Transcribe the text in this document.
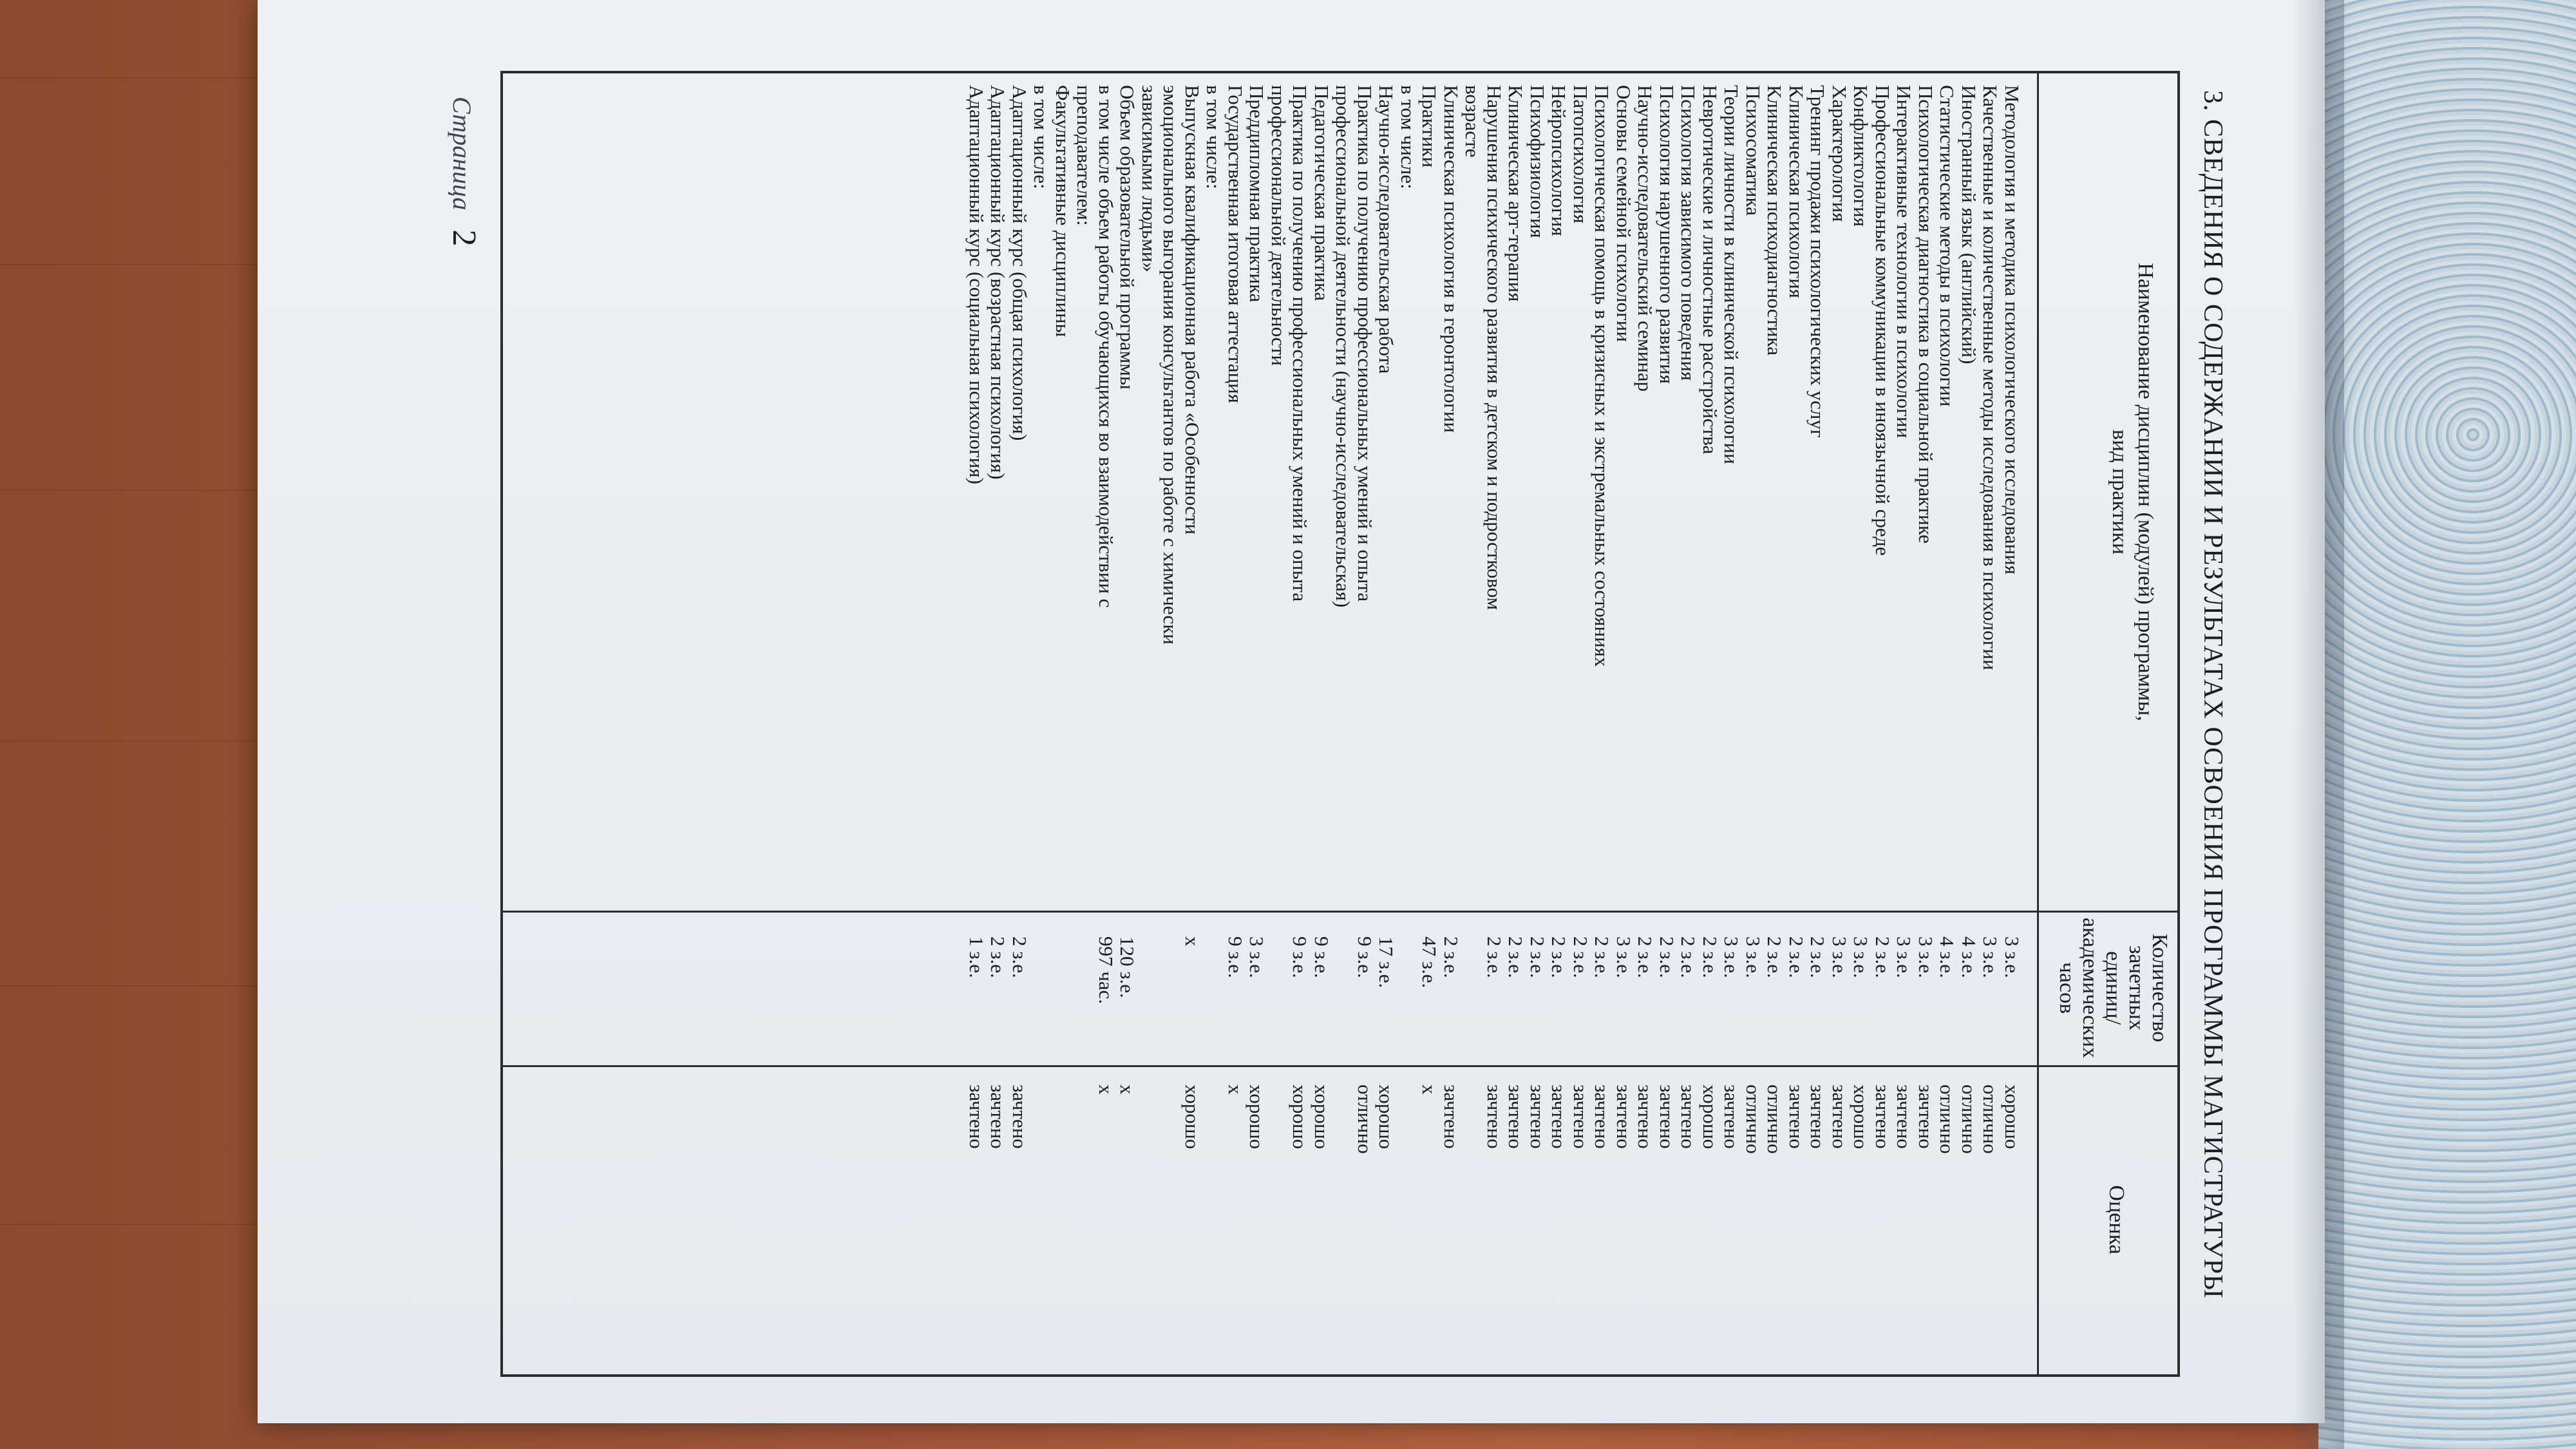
3. СВЕДЕНИЯ О СОДЕРЖАНИИ И РЕЗУЛЬТАТАХ ОСВОЕНИЯ ПРОГРАММЫ МАГИСТРАТУРЫ
Наименование дисциплин (модулей) программы,
вид практики
Количество
зачетных единиц/
академических
часов
Оценка
Методология и методика психологического исследования
3 з.е.
хорошо
Качественные и количественные методы исследования в психологии
3 з.е.
отлично
Иностранный язык (английский)
4 з.е.
отлично
Статистические методы в психологии
4 з.е.
отлично
Психологическая диагностика в социальной практике
3 з.е.
зачтено
Интерактивные технологии в психологии
3 з.е.
зачтено
Профессиональные коммуникации в иноязычной среде
2 з.е.
зачтено
Конфликтология
3 з.е.
хорошо
Характерология
3 з.е.
зачтено
Тренинг продажи психологических услуг
2 з.е.
зачтено
Клиническая психология
2 з.е.
зачтено
Клиническая психодиагностика
2 з.е.
отлично
Психосоматика
3 з.е.
отлично
Теории личности в клинической психологии
3 з.е.
зачтено
Невротические и личностные расстройства
2 з.е.
хорошо
Психология зависимого поведения
2 з.е.
зачтено
Психология нарушенного развития
2 з.е.
зачтено
Научно-исследовательский семинар
2 з.е.
зачтено
Основы семейной психологии
3 з.е.
зачтено
Психологическая помощь в кризисных и экстремальных состояниях
2 з.е.
зачтено
Патопсихология
2 з.е.
зачтено
Нейропсихология
2 з.е.
зачтено
Психофизиология
2 з.е.
зачтено
Клиническая арт-терапия
2 з.е.
зачтено
Нарушения психического развития в детском и подростковом
2 з.е.
зачтено
возрасте
Клиническая психология в геронтологии
2 з.е.
зачтено
Практики
47 з.е.
х
в том числе:
Научно-исследовательская работа
17 з.е.
хорошо
Практика по получению профессиональных умений и опыта
9 з.е.
отлично
профессиональной деятельности (научно-исследовательская)
Педагогическая практика
9 з.е.
хорошо
Практика по получению профессиональных умений и опыта
9 з.е.
хорошо
профессиональной деятельности
Преддипломная практика
3 з.е.
хорошо
Государственная итоговая аттестация
9 з.е.
х
в том числе:
Выпускная квалификационная работа «Особенности
х
хорошо
эмоционального выгорания консультантов по работе с химически
зависимыми людьми»
Объем образовательной программы
120 з.е.
х
в том числе объем работы обучающихся во взаимодействии с
997 час.
х
преподавателем:
Факультативные дисциплины
в том числе:
Адаптационный курс (общая психология)
2 з.е.
зачтено
Адаптационный курс (возрастная психология)
2 з.е.
зачтено
Адаптационный курс (социальная психология)
1 з.е.
зачтено
Страница 2
